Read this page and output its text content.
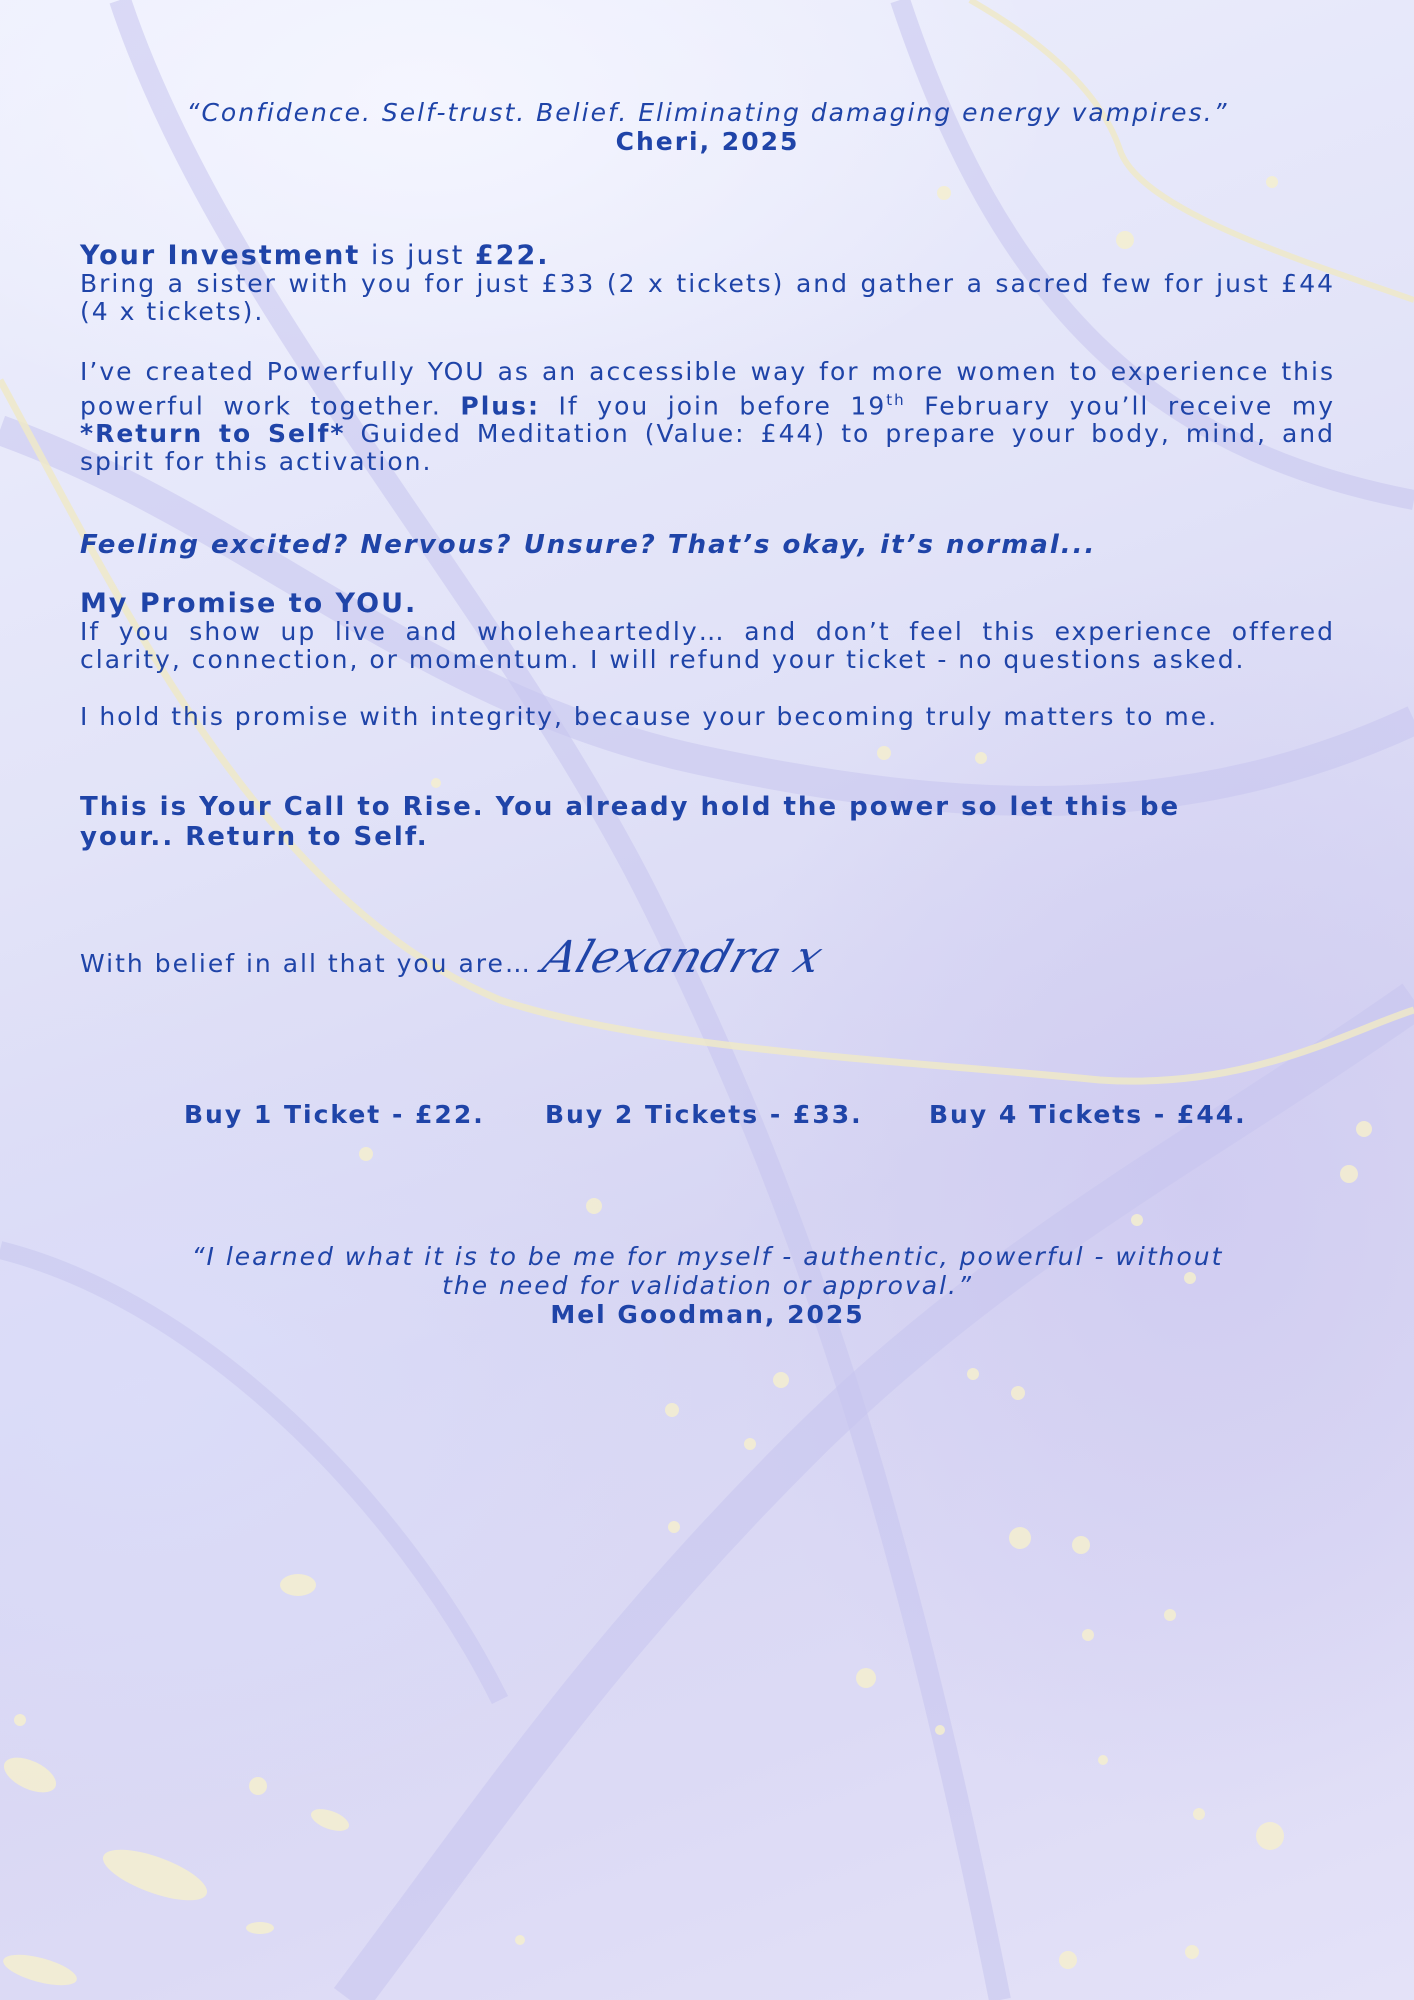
“Confidence. Self-trust. Belief. Eliminating damaging energy vampires.”
Cheri, 2025
Your Investment is just £22.
Bring a sister with you for just £33 (2 x tickets) and gather a sacred few for just £44 (4 x tickets).
I’ve created Powerfully YOU as an accessible way for more women to experience this powerful work together. Plus: If you join before 19th February you’ll receive my *Return to Self* Guided Meditation (Value: £44) to prepare your body, mind, and spirit for this activation.
Feeling excited? Nervous? Unsure? That’s okay, it’s normal...
My Promise to YOU.
If you show up live and wholeheartedly… and don’t feel this experience offered clarity, connection, or momentum. I will refund your ticket - no questions asked.
I hold this promise with integrity, because your becoming truly matters to me.
This is Your Call to Rise. You already hold the power so let this be your.. Return to Self.
With belief in all that you are… Alexandra x
Buy 1 Ticket - £22. Buy 2 Tickets - £33.	Buy 4 Tickets - £44.
“I learned what it is to be me for myself - authentic, powerful - without
the need for validation or approval.”
Mel Goodman, 2025
